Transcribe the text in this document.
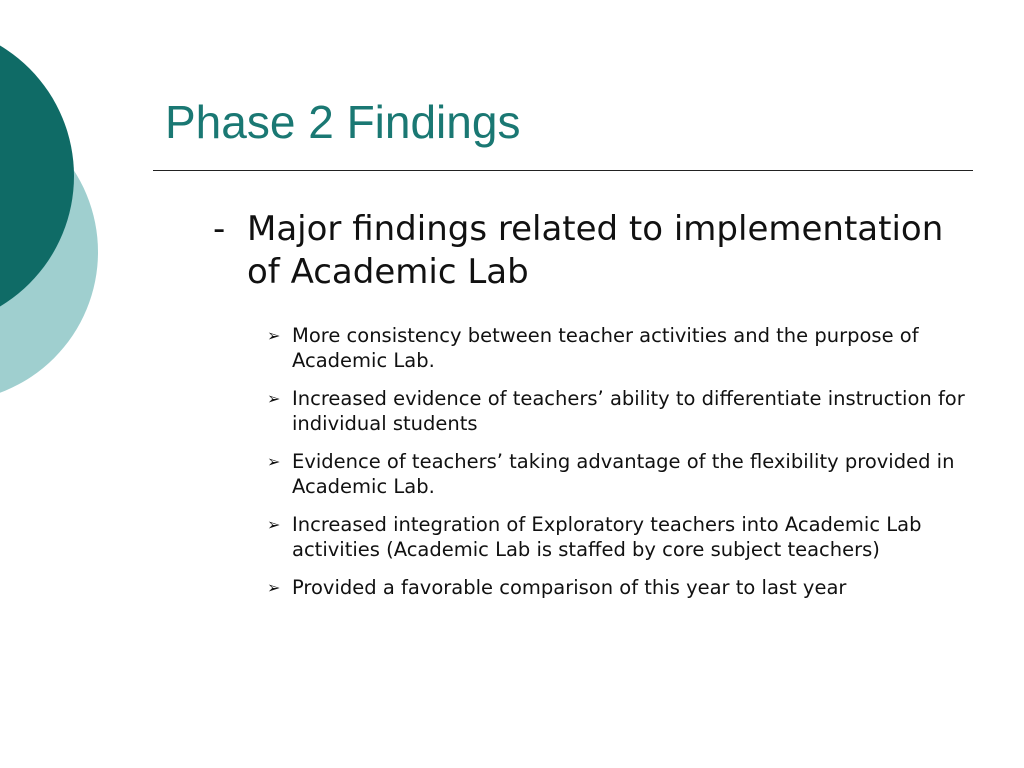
Phase 2 Findings
- Major findings related to implementation of Academic Lab
➢ More consistency between teacher activities and the purpose of Academic Lab.
➢ Increased evidence of teachers’ ability to differentiate instruction for individual students
➢ Evidence of teachers’ taking advantage of the flexibility provided in Academic Lab.
➢ Increased integration of Exploratory teachers into Academic Lab activities (Academic Lab is staffed by core subject teachers)
➢ Provided a favorable comparison of this year to last year
